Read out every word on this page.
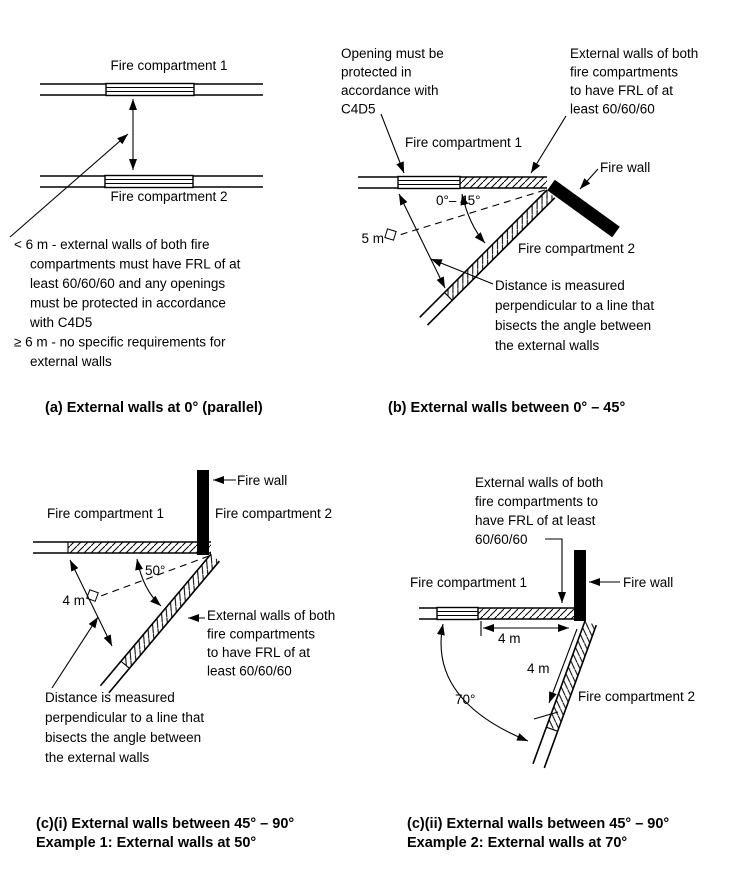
Fire compartment 1
Fire compartment 2
< 6 m - external walls of both fire
compartments must have FRL of at
least 60/60/60 and any openings
must be protected in accordance
with C4D5
≥ 6 m - no specific requirements for
external walls
(a) External walls at 0° (parallel)
Opening must be
protected in
accordance with
C4D5
External walls of both
fire compartments
to have FRL of at
least 60/60/60
Fire compartment 1
Fire wall
5 m
0°– 45°
Fire compartment 2
Distance is measured
perpendicular to a line that
bisects the angle between
the external walls
(b) External walls between 0° – 45°
Fire wall
Fire compartment 1	Fire compartment 2
4 m
50°
External walls of both
fire compartments
to have FRL of at
least 60/60/60
Distance is measured
perpendicular to a line that
bisects the angle between
the external walls
(c)(i) External walls between 45° – 90°
Example 1: External walls at 50°
External walls of both
fire compartments to
have FRL of at least
60/60/60
Fire compartment 1	Fire wall
4 m
4 m
70°	Fire compartment 2
(c)(ii) External walls between 45° – 90°
Example 2: External walls at 70°
